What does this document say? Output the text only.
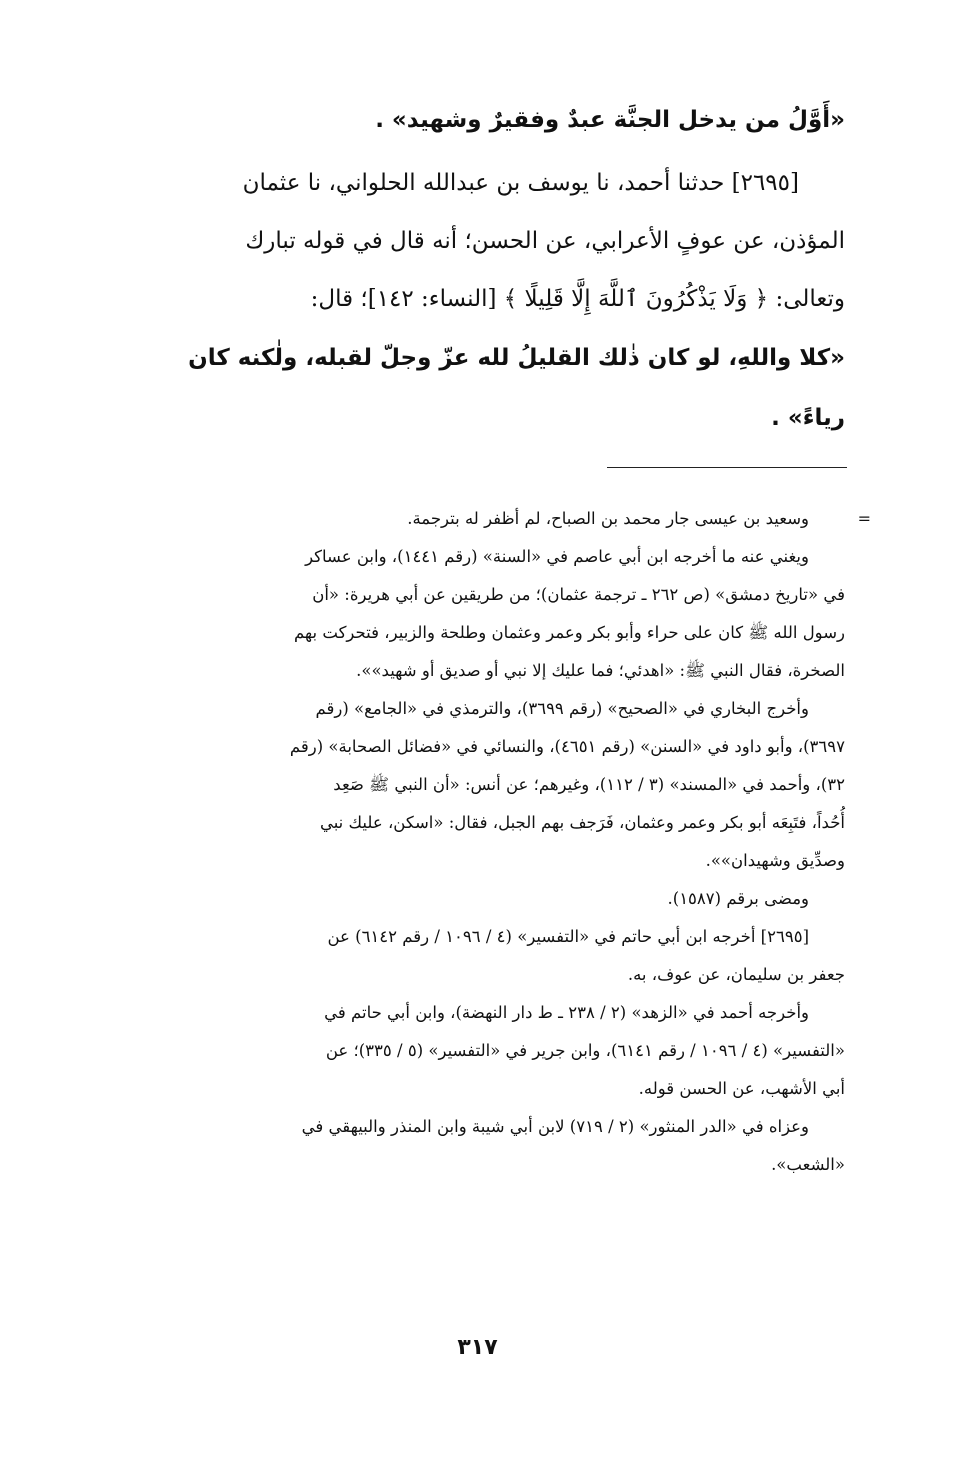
«أَوَّلُ من يدخل الجنَّة عبدٌ وفقيرٌ وشهيد» .

[٢٦٩٥] حدثنا أحمد، نا يوسف بن عبدالله الحلواني، نا عثمان

المؤذن، عن عوفٍ الأعرابي، عن الحسن؛ أنه قال في قوله تبارك

وتعالى: ﴿ وَلَا يَذْكُرُونَ ٱللَّهَ إِلَّا قَلِيلًا ﴾ [النساء: ١٤٢]؛ قال:

«كلا واللهِ، لو كان ذٰلك القليلُ لله عزّ وجلّ لقبله، ولٰكنه كان

رياءً» .

=

وسعيد بن عيسى جار محمد بن الصباح، لم أظفر له بترجمة.

ويغني عنه ما أخرجه ابن أبي عاصم في «السنة» (رقم ١٤٤١)، وابن عساكر

في «تاريخ دمشق» (ص ٢٦٢ ـ ترجمة عثمان)؛ من طريقين عن أبي هريرة: «أن

رسول الله ﷺ كان على حراء وأبو بكر وعمر وعثمان وطلحة والزبير، فتحركت بهم

الصخرة، فقال النبي ﷺ: «اهدئي؛ فما عليك إلا نبي أو صديق أو شهيد»».

وأخرج البخاري في «الصحيح» (رقم ٣٦٩٩)، والترمذي في «الجامع» (رقم

٣٦٩٧)، وأبو داود في «السنن» (رقم ٤٦٥١)، والنسائي في «فضائل الصحابة» (رقم

٣٢)، وأحمد في «المسند» (٣ / ١١٢)، وغيرهم؛ عن أنس: «أن النبي ﷺ صَعِد

أُحُداً، فتَبِعَه أبو بكر وعمر وعثمان، فَرَجف بهم الجبل، فقال: «اسكن، عليك نبي

وصدِّيق وشهيدان»».

ومضى برقم (١٥٨٧).

[٢٦٩٥] أخرجه ابن أبي حاتم في «التفسير» (٤ / ١٠٩٦ / رقم ٦١٤٢) عن

جعفر بن سليمان، عن عوف، به.

وأخرجه أحمد في «الزهد» (٢ / ٢٣٨ ـ ط دار النهضة)، وابن أبي حاتم في

«التفسير» (٤ / ١٠٩٦ / رقم ٦١٤١)، وابن جرير في «التفسير» (٥ / ٣٣٥)؛ عن

أبي الأشهب، عن الحسن قوله.

وعزاه في «الدر المنثور» (٢ / ٧١٩) لابن أبي شيبة وابن المنذر والبيهقي في

«الشعب».

٣١٧
